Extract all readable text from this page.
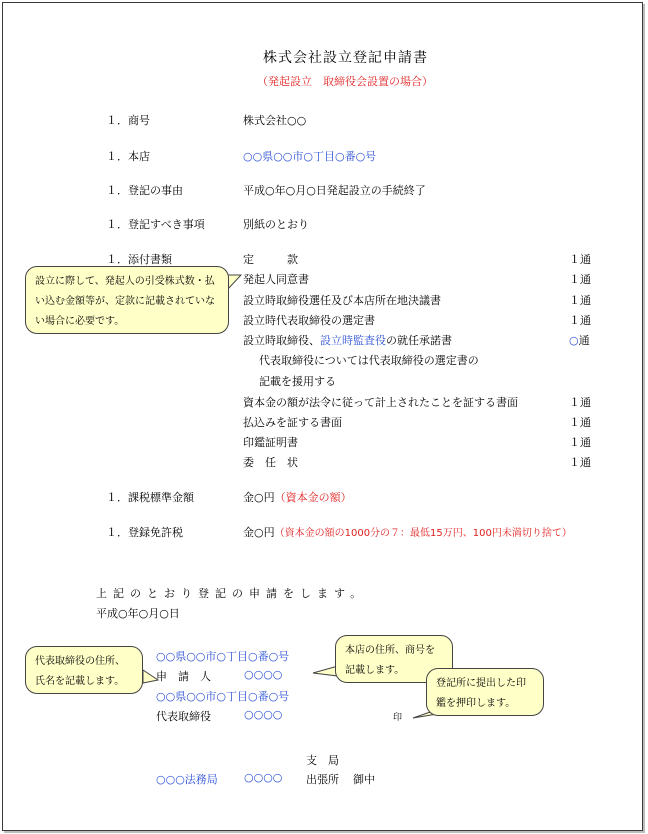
株式会社設立登記申請書
（発起設立　取締役会設置の場合）
１．商号	株式会社○○
１．本店	○○県○○市○丁目○番○号
１．登記の事由	平成○年○月○日発起設立の手続終了
１．登記すべき事項	別紙のとおり
１．添付書類	定　　　款	１通
発起人同意書	１通
設立時取締役選任及び本店所在地決議書	１通
設立時代表取締役の選定書	１通
設立時取締役、設立時監査役の就任承諾書	○通
代表取締役については代表取締役の選定書の
記載を援用する
資本金の額が法令に従って計上されたことを証する書面	１通
払込みを証する書面	１通
印鑑証明書	１通
委　任　状	１通
１．課税標準金額	金○円（資本金の額）
１．登録免許税	金○円（資本金の額の1000分の７：最低15万円、100円未満切り捨て）
上記のとおり登記の申請をします。
平成○年○月○日
○○県○○市○丁目○番○号
申　請　人	○○○○
○○県○○市○丁目○番○号
代表取締役	○○○○	印
支　局
○○○法務局 ○○○○ 出張所 御中
設立に際して、発起人の引受株式数・払い込む金額等が、定款に記載されていない場合に必要です。
代表取締役の住所、氏名を記載します。
本店の住所、商号を記載します。
登記所に提出した印鑑を押印します。
